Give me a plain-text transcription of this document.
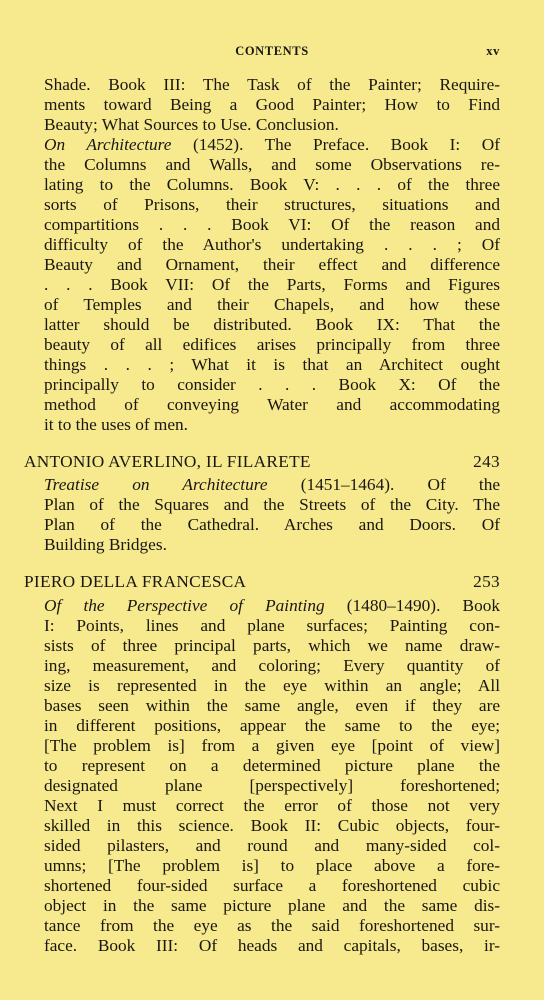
CONTENTS	xv
Shade. Book III: The Task of the Painter; Require-
ments toward Being a Good Painter; How to Find
Beauty; What Sources to Use. Conclusion.
On Architecture (1452). The Preface. Book I: Of
the Columns and Walls, and some Observations re-
lating to the Columns. Book V: . . . of the three
sorts of Prisons, their structures, situations and
compartitions . . . Book VI: Of the reason and
difficulty of the Author's undertaking . . . ; Of
Beauty and Ornament, their effect and difference
. . . Book VII: Of the Parts, Forms and Figures
of Temples and their Chapels, and how these
latter should be distributed. Book IX: That the
beauty of all edifices arises principally from three
things . . . ; What it is that an Architect ought
principally to consider . . . Book X: Of the
method of conveying Water and accommodating
it to the uses of men.
ANTONIO AVERLINO, IL FILARETE	243
Treatise on Architecture (1451–1464). Of the
Plan of the Squares and the Streets of the City. The
Plan of the Cathedral. Arches and Doors. Of
Building Bridges.
PIERO DELLA FRANCESCA	253
Of the Perspective of Painting (1480–1490). Book
I: Points, lines and plane surfaces; Painting con-
sists of three principal parts, which we name draw-
ing, measurement, and coloring; Every quantity of
size is represented in the eye within an angle; All
bases seen within the same angle, even if they are
in different positions, appear the same to the eye;
[The problem is] from a given eye [point of view]
to represent on a determined picture plane the
designated plane [perspectively] foreshortened;
Next I must correct the error of those not very
skilled in this science. Book II: Cubic objects, four-
sided pilasters, and round and many-sided col-
umns; [The problem is] to place above a fore-
shortened four-sided surface a foreshortened cubic
object in the same picture plane and the same dis-
tance from the eye as the said foreshortened sur-
face. Book III: Of heads and capitals, bases, ir-
